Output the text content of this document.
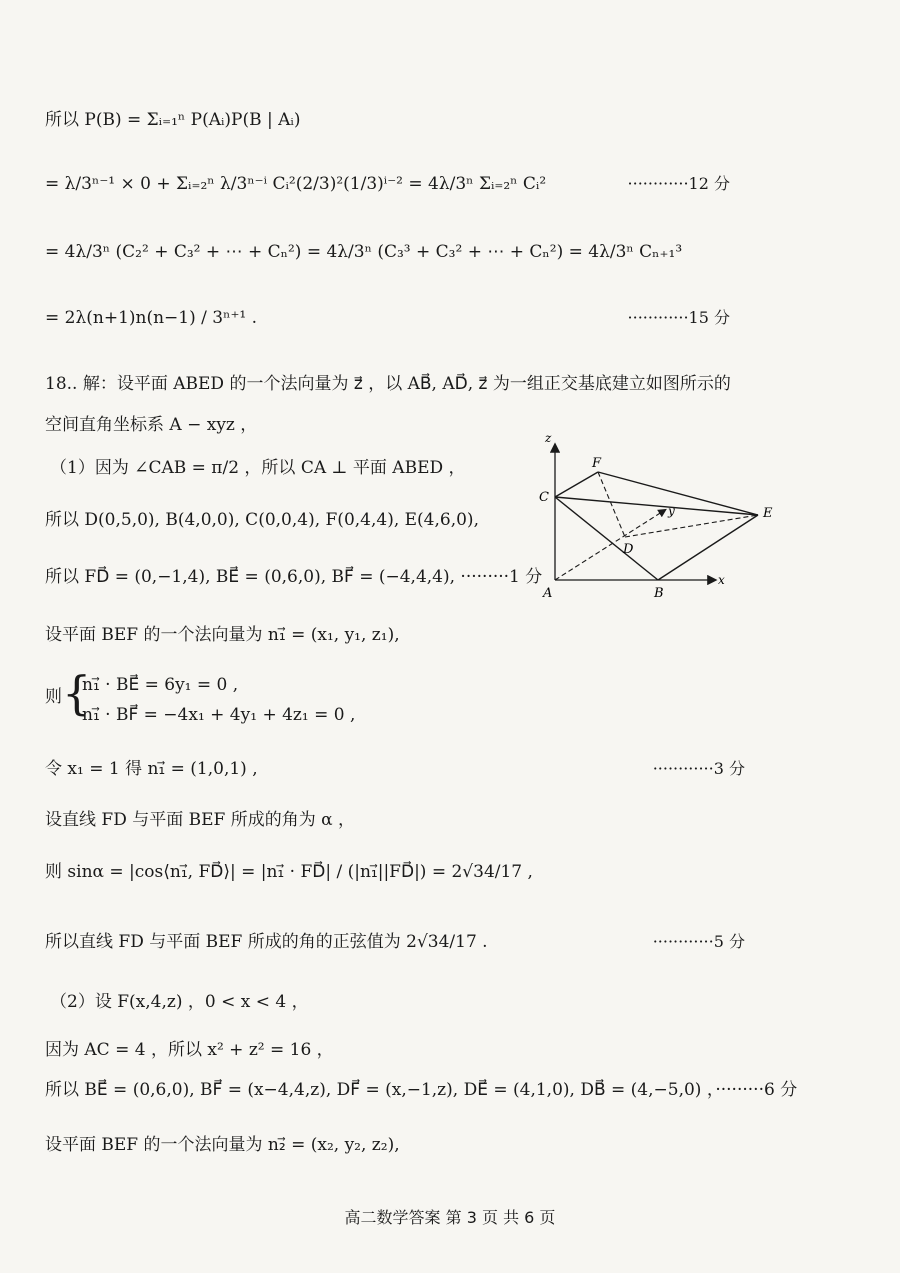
所以 P(B) = Σᵢ₌₁ⁿ P(Aᵢ)P(B | Aᵢ)
= λ/3ⁿ⁻¹ × 0 + Σᵢ₌₂ⁿ λ/3ⁿ⁻ⁱ Cᵢ²(2/3)²(1/3)ⁱ⁻² = 4λ/3ⁿ Σᵢ₌₂ⁿ Cᵢ²	············12 分
= 4λ/3ⁿ (C₂² + C₃² + ⋯ + Cₙ²) = 4λ/3ⁿ (C₃³ + C₃² + ⋯ + Cₙ²) = 4λ/3ⁿ Cₙ₊₁³
= 2λ(n+1)n(n−1) / 3ⁿ⁺¹ .	············15 分
18.. 解：设平面 ABED 的一个法向量为 z⃗ ，以 AB⃗, AD⃗, z⃗ 为一组正交基底建立如图所示的
空间直角坐标系 A − xyz ，
（1）因为 ∠CAB = π/2 ，所以 CA ⊥ 平面 ABED ，
所以 D(0,5,0), B(4,0,0), C(0,0,4), F(0,4,4), E(4,6,0),
所以 FD⃗ = (0,−1,4), BE⃗ = (0,6,0), BF⃗ = (−4,4,4), ·········1 分
设平面 BEF 的一个法向量为 n₁⃗ = (x₁, y₁, z₁),
则 {
n₁⃗ · BE⃗ = 6y₁ = 0 ,
n₁⃗ · BF⃗ = −4x₁ + 4y₁ + 4z₁ = 0 ,
令 x₁ = 1 得 n₁⃗ = (1,0,1) ,	············3 分
设直线 FD 与平面 BEF 所成的角为 α ，
则 sinα = |cos⟨n₁⃗, FD⃗⟩| = |n₁⃗ · FD⃗| / (|n₁⃗||FD⃗|) = 2√34/17 ,
所以直线 FD 与平面 BEF 所成的角的正弦值为 2√34/17 .	············5 分
（2）设 F(x,4,z) ，0 < x < 4 ，
因为 AC = 4 ，所以 x² + z² = 16 ，
所以 BE⃗ = (0,6,0), BF⃗ = (x−4,4,z), DF⃗ = (x,−1,z), DE⃗ = (4,1,0), DB⃗ = (4,−5,0) ，·········6 分
设平面 BEF 的一个法向量为 n₂⃗ = (x₂, y₂, z₂),
z
F
C
y	E
D
A	B
x
高二数学答案 第 3 页 共 6 页
